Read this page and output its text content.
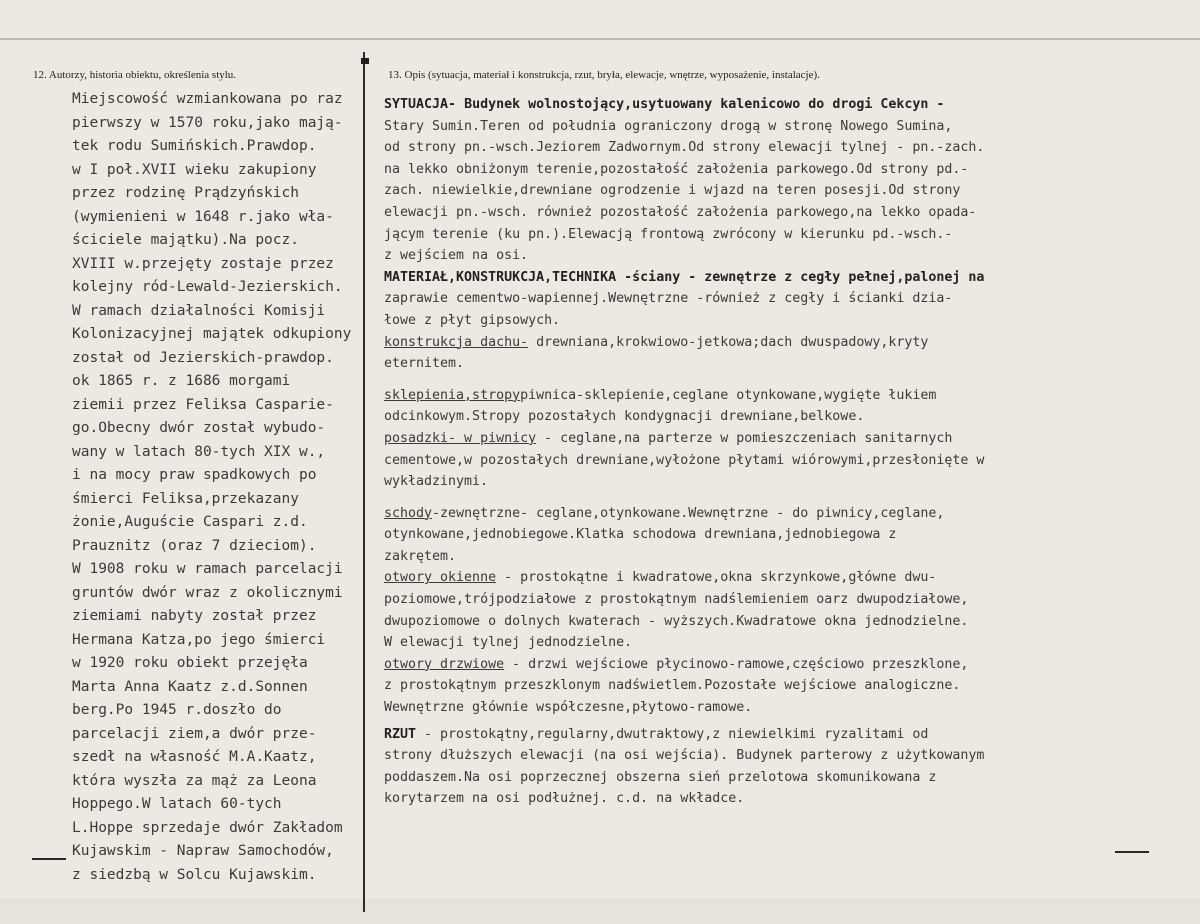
12. Autorzy, historia obiektu, określenia stylu.	13. Opis (sytuacja, materiał i konstrukcja, rzut, bryła, elewacje, wnętrze, wyposażenie, instalacje).
Miejscowość wzmiankowana po raz
pierwszy w 1570 roku,jako mają-
tek rodu Sumińskich.Prawdop.
w I poł.XVII wieku zakupiony
przez rodzinę Prądzyńskich
(wymienieni w 1648 r.jako wła-
ściciele majątku).Na pocz.
XVIII w.przejęty zostaje przez
kolejny ród-Lewald-Jezierskich.
W ramach działalności Komisji
Kolonizacyjnej majątek odkupiony
został od Jezierskich-prawdop.
ok 1865 r. z 1686 morgami
ziemii przez Feliksa Caspariе-
go.Obecny dwór został wybudo-
wany w latach 80-tych XIX w.,
i na mocy praw spadkowych po
śmierci Feliksa,przekazany
żonie,Auguście Caspari z.d.
Prauznitz (oraz 7 dzieciom).
W 1908 roku w ramach parcelacji
gruntów dwór wraz z okolicznymi
ziemiami nabyty został przez
Hermana Katza,po jego śmierci
w 1920 roku obiekt przejęła
Marta Anna Kaatz z.d.Sonnen
berg.Po 1945 r.doszło do
parcelacji ziem,a dwór prze-
szedł na własność M.A.Kaatz,
która wyszła za mąż za Leona
Hoppego.W latach 60-tych
L.Hoppe sprzedaje dwór Zakładom
Kujawskim - Napraw Samochodów,
z siedzbą w Solcu Kujawskim.
SYTUACJA- Budynek wolnostojący,usytuowany kalenicowo do drogi Cekcyn -
Stary Sumin.Teren od południa ograniczony drogą w stronę Nowego Sumina,
od strony pn.-wsch.Jeziorem Zadwornym.Od strony elewacji tylnej - pn.-zach.
na lekko obniżonym terenie,pozostałość założenia parkowego.Od strony pd.-
zach. niewielkie,drewniane ogrodzenie i wjazd na teren posesji.Od strony
elewacji pn.-wsch. również pozostałość założenia parkowego,na lekko opada-
jącym terenie (ku pn.).Elewacją frontową zwrócony w kierunku pd.-wsch.-
z wejściem na osi.
MATERIAŁ,KONSTRUKCJA,TECHNIKA -ściany - zewnętrze z cegły pełnej,palonej na
zaprawie cementwo-wapiennej.Wewnętrzne -również z cegły i ścianki dzia-
łowe z płyt gipsowych.
konstrukcja dachu- drewniana,krokwiowo-jetkowa;dach dwuspadowy,kryty
eternitem.
sklepienia,stropypiwnica-sklepienie,ceglane otynkowane,wygięte łukiem
odcinkowym.Stropy pozostałych kondygnacji drewniane,belkowe.
posadzki- w piwnicy - ceglane,na parterze w pomieszczeniach sanitarnych
cementowe,w pozostałych drewniane,wyłożone płytami wiórowymi,przesłonięte w
wykładzinymi.
schody-zewnętrzne- ceglane,otynkowane.Wewnętrzne - do piwnicy,ceglane,
otynkowane,jednobiegowe.Klatka schodowa drewniana,jednobiegowa z
zakrętem.
otwory okienne - prostokątne i kwadratowe,okna skrzynkowe,główne dwu-
poziomowe,trójpodziałowe z prostokątnym nadślemieniem oarz dwupodziałowe,
dwupoziomowe o dolnych kwaterach - wyższych.Kwadratowe okna jednodzielne.
W elewacji tylnej jednodzielne.
otwory drzwiowe - drzwi wejściowe płycinowo-ramowe,częściowo przeszklone,
z prostokątnym przeszklonym nadświetlem.Pozostałe wejściowe analogiczne.
Wewnętrzne głównie współczesne,płytowo-ramowe.
RZUT - prostokątny,regularny,dwutraktowy,z niewielkimi ryzalitami od
strony dłuższych elewacji (na osi wejścia). Budynek parterowy z użytkowanym
poddaszem.Na osi poprzecznej obszerna sień przelotowa skomunikowana z
korytarzem na osi podłużnej. c.d. na wkładce.
